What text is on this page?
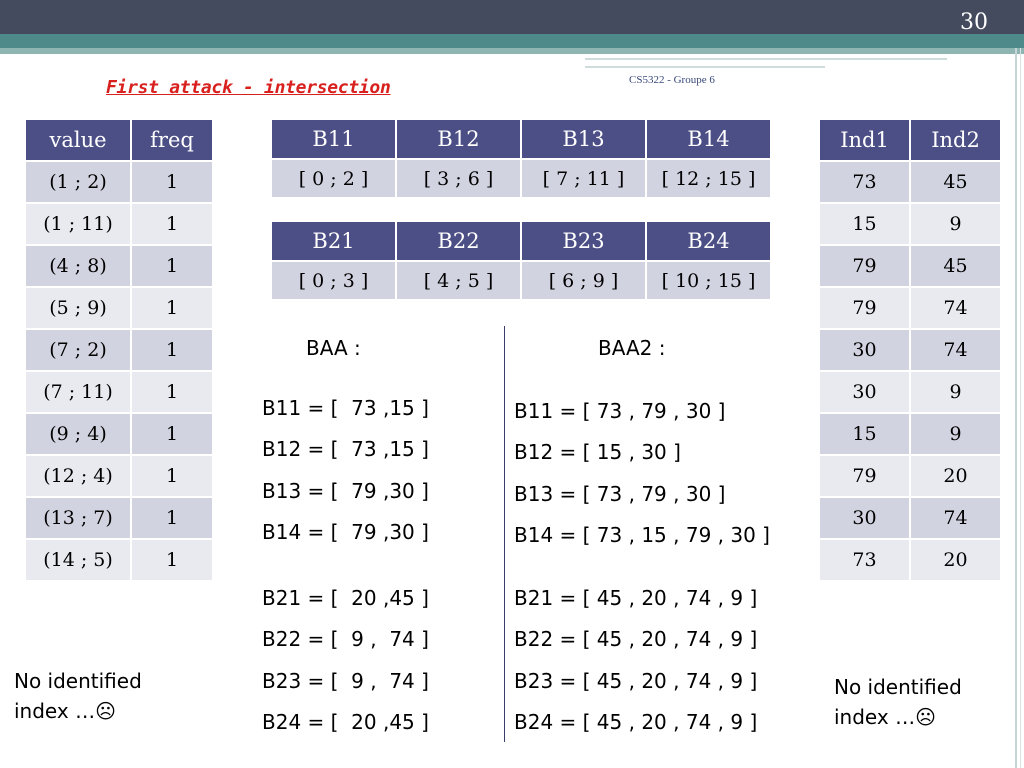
30
First attack - intersection	CS5322 - Groupe 6
value	freq
(1 ; 2)	1
(1 ; 11)	1
(4 ; 8)	1
(5 ; 9)	1
(7 ; 2)	1
(7 ; 11)	1
(9 ; 4)	1
(12 ; 4)	1
(13 ; 7)	1
(14 ; 5)	1
B11	B12	B13	B14
[ 0 ; 2 ]	[ 3 ; 6 ]	[ 7 ; 11 ]	[ 12 ; 15 ]
B21	B22	B23	B24
[ 0 ; 3 ]	[ 4 ; 5 ]	[ 6 ; 9 ]	[ 10 ; 15 ]
Ind1	Ind2
73	45
15	9
79	45
79	74
30	74
30	9
15	9
79	20
30	74
73	20
BAA :
B11 = [  73 ,15 ]
B12 = [  73 ,15 ]
B13 = [  79 ,30 ]
B14 = [  79 ,30 ]
B21 = [  20 ,45 ]
B22 = [  9 ,  74 ]
B23 = [  9 ,  74 ]
B24 = [  20 ,45 ]
BAA2 :
B11 = [ 73 , 79 , 30 ]
B12 = [ 15 , 30 ]
B13 = [ 73 , 79 , 30 ]
B14 = [ 73 , 15 , 79 , 30 ]
B21 = [ 45 , 20 , 74 , 9 ]
B22 = [ 45 , 20 , 74 , 9 ]
B23 = [ 45 , 20 , 74 , 9 ]
B24 = [ 45 , 20 , 74 , 9 ]
No identified
index …☹
No identified
index …☹
